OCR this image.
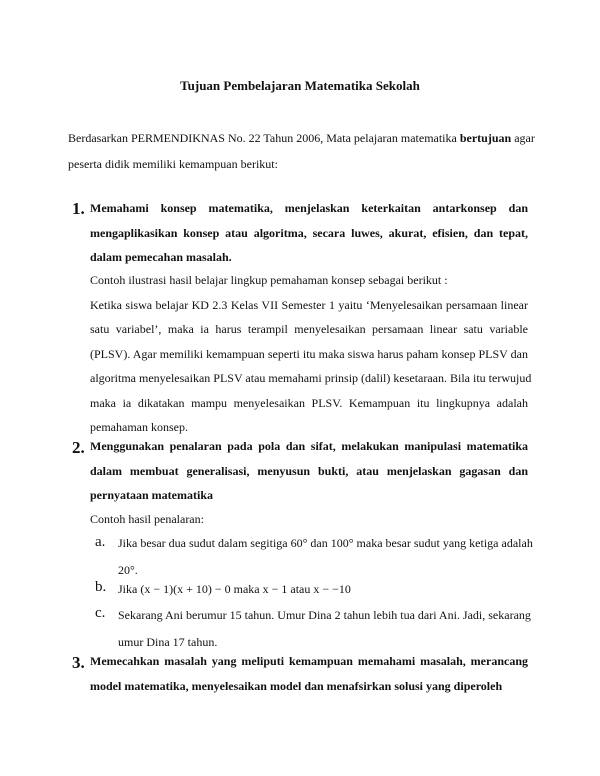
Tujuan Pembelajaran Matematika Sekolah
Berdasarkan PERMENDIKNAS No. 22 Tahun 2006, Mata pelajaran matematika bertujuan agar
peserta didik memiliki kemampuan berikut:
1. Memahami konsep matematika, menjelaskan keterkaitan antarkonsep dan
mengaplikasikan konsep atau algoritma, secara luwes, akurat, efisien, dan tepat,
dalam pemecahan masalah.
Contoh ilustrasi hasil belajar lingkup pemahaman konsep sebagai berikut :
Ketika siswa belajar KD 2.3 Kelas VII Semester 1 yaitu ‘Menyelesaikan persamaan linear
satu variabel’, maka ia harus terampil menyelesaikan persamaan linear satu variable
(PLSV). Agar memiliki kemampuan seperti itu maka siswa harus paham konsep PLSV dan
algoritma menyelesaikan PLSV atau memahami prinsip (dalil) kesetaraan. Bila itu terwujud
maka ia dikatakan mampu menyelesaikan PLSV. Kemampuan itu lingkupnya adalah
pemahaman konsep.
2. Menggunakan penalaran pada pola dan sifat, melakukan manipulasi matematika
dalam membuat generalisasi, menyusun bukti, atau menjelaskan gagasan dan
pernyataan matematika
Contoh hasil penalaran:
a. Jika besar dua sudut dalam segitiga 60° dan 100° maka besar sudut yang ketiga adalah
20°.
b. Jika (x − 1)(x + 10) − 0 maka x − 1 atau x − −10
c. Sekarang Ani berumur 15 tahun. Umur Dina 2 tahun lebih tua dari Ani. Jadi, sekarang
umur Dina 17 tahun.
3. Memecahkan masalah yang meliputi kemampuan memahami masalah, merancang
model matematika, menyelesaikan model dan menafsirkan solusi yang diperoleh
